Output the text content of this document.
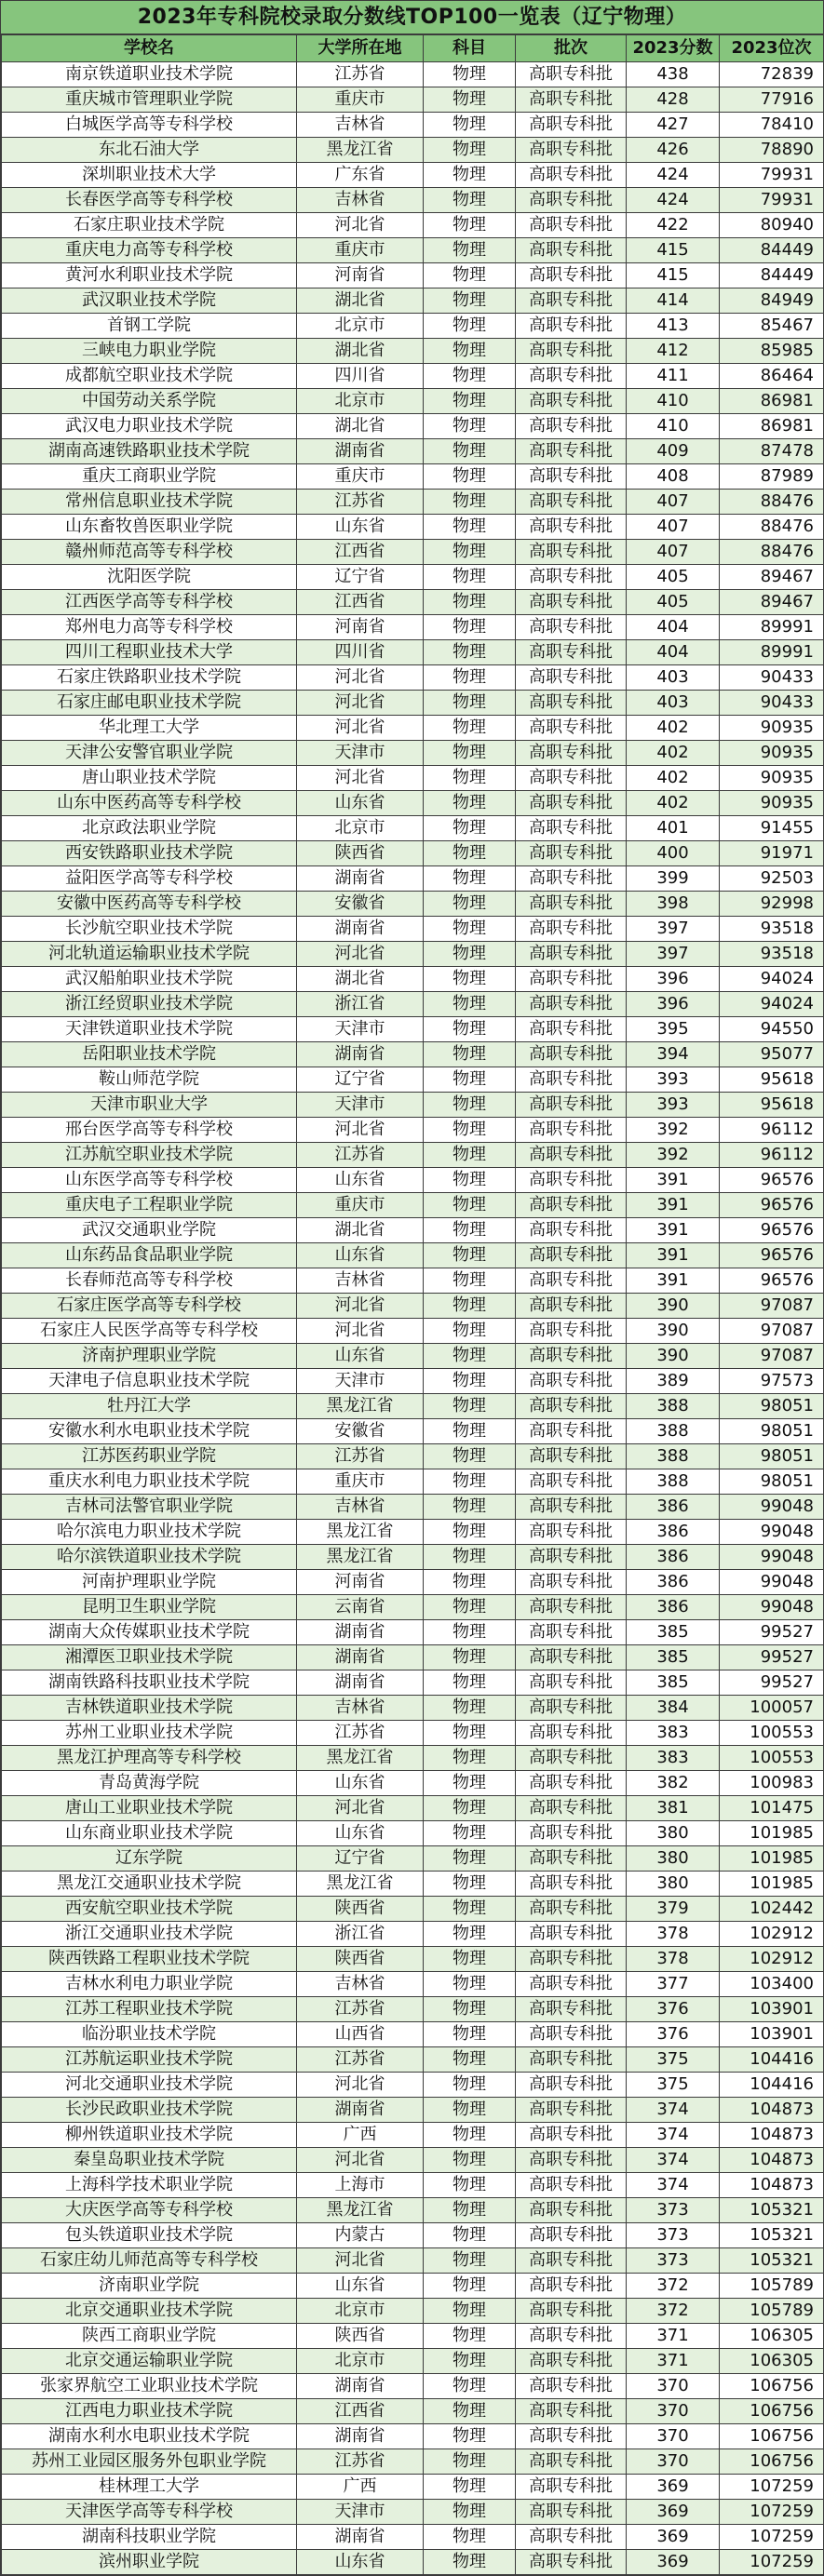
2023年专科院校录取分数线TOP100一览表（辽宁物理）
学校名	大学所在地	科目	批次	2023分数	2023位次
南京铁道职业技术学院	江苏省	物理	高职专科批	438	72839
重庆城市管理职业学院	重庆市	物理	高职专科批	428	77916
白城医学高等专科学校	吉林省	物理	高职专科批	427	78410
东北石油大学	黑龙江省	物理	高职专科批	426	78890
深圳职业技术大学	广东省	物理	高职专科批	424	79931
长春医学高等专科学校	吉林省	物理	高职专科批	424	79931
石家庄职业技术学院	河北省	物理	高职专科批	422	80940
重庆电力高等专科学校	重庆市	物理	高职专科批	415	84449
黄河水利职业技术学院	河南省	物理	高职专科批	415	84449
武汉职业技术学院	湖北省	物理	高职专科批	414	84949
首钢工学院	北京市	物理	高职专科批	413	85467
三峡电力职业学院	湖北省	物理	高职专科批	412	85985
成都航空职业技术学院	四川省	物理	高职专科批	411	86464
中国劳动关系学院	北京市	物理	高职专科批	410	86981
武汉电力职业技术学院	湖北省	物理	高职专科批	410	86981
湖南高速铁路职业技术学院	湖南省	物理	高职专科批	409	87478
重庆工商职业学院	重庆市	物理	高职专科批	408	87989
常州信息职业技术学院	江苏省	物理	高职专科批	407	88476
山东畜牧兽医职业学院	山东省	物理	高职专科批	407	88476
赣州师范高等专科学校	江西省	物理	高职专科批	407	88476
沈阳医学院	辽宁省	物理	高职专科批	405	89467
江西医学高等专科学校	江西省	物理	高职专科批	405	89467
郑州电力高等专科学校	河南省	物理	高职专科批	404	89991
四川工程职业技术大学	四川省	物理	高职专科批	404	89991
石家庄铁路职业技术学院	河北省	物理	高职专科批	403	90433
石家庄邮电职业技术学院	河北省	物理	高职专科批	403	90433
华北理工大学	河北省	物理	高职专科批	402	90935
天津公安警官职业学院	天津市	物理	高职专科批	402	90935
唐山职业技术学院	河北省	物理	高职专科批	402	90935
山东中医药高等专科学校	山东省	物理	高职专科批	402	90935
北京政法职业学院	北京市	物理	高职专科批	401	91455
西安铁路职业技术学院	陕西省	物理	高职专科批	400	91971
益阳医学高等专科学校	湖南省	物理	高职专科批	399	92503
安徽中医药高等专科学校	安徽省	物理	高职专科批	398	92998
长沙航空职业技术学院	湖南省	物理	高职专科批	397	93518
河北轨道运输职业技术学院	河北省	物理	高职专科批	397	93518
武汉船舶职业技术学院	湖北省	物理	高职专科批	396	94024
浙江经贸职业技术学院	浙江省	物理	高职专科批	396	94024
天津铁道职业技术学院	天津市	物理	高职专科批	395	94550
岳阳职业技术学院	湖南省	物理	高职专科批	394	95077
鞍山师范学院	辽宁省	物理	高职专科批	393	95618
天津市职业大学	天津市	物理	高职专科批	393	95618
邢台医学高等专科学校	河北省	物理	高职专科批	392	96112
江苏航空职业技术学院	江苏省	物理	高职专科批	392	96112
山东医学高等专科学校	山东省	物理	高职专科批	391	96576
重庆电子工程职业学院	重庆市	物理	高职专科批	391	96576
武汉交通职业学院	湖北省	物理	高职专科批	391	96576
山东药品食品职业学院	山东省	物理	高职专科批	391	96576
长春师范高等专科学校	吉林省	物理	高职专科批	391	96576
石家庄医学高等专科学校	河北省	物理	高职专科批	390	97087
石家庄人民医学高等专科学校	河北省	物理	高职专科批	390	97087
济南护理职业学院	山东省	物理	高职专科批	390	97087
天津电子信息职业技术学院	天津市	物理	高职专科批	389	97573
牡丹江大学	黑龙江省	物理	高职专科批	388	98051
安徽水利水电职业技术学院	安徽省	物理	高职专科批	388	98051
江苏医药职业学院	江苏省	物理	高职专科批	388	98051
重庆水利电力职业技术学院	重庆市	物理	高职专科批	388	98051
吉林司法警官职业学院	吉林省	物理	高职专科批	386	99048
哈尔滨电力职业技术学院	黑龙江省	物理	高职专科批	386	99048
哈尔滨铁道职业技术学院	黑龙江省	物理	高职专科批	386	99048
河南护理职业学院	河南省	物理	高职专科批	386	99048
昆明卫生职业学院	云南省	物理	高职专科批	386	99048
湖南大众传媒职业技术学院	湖南省	物理	高职专科批	385	99527
湘潭医卫职业技术学院	湖南省	物理	高职专科批	385	99527
湖南铁路科技职业技术学院	湖南省	物理	高职专科批	385	99527
吉林铁道职业技术学院	吉林省	物理	高职专科批	384	100057
苏州工业职业技术学院	江苏省	物理	高职专科批	383	100553
黑龙江护理高等专科学校	黑龙江省	物理	高职专科批	383	100553
青岛黄海学院	山东省	物理	高职专科批	382	100983
唐山工业职业技术学院	河北省	物理	高职专科批	381	101475
山东商业职业技术学院	山东省	物理	高职专科批	380	101985
辽东学院	辽宁省	物理	高职专科批	380	101985
黑龙江交通职业技术学院	黑龙江省	物理	高职专科批	380	101985
西安航空职业技术学院	陕西省	物理	高职专科批	379	102442
浙江交通职业技术学院	浙江省	物理	高职专科批	378	102912
陕西铁路工程职业技术学院	陕西省	物理	高职专科批	378	102912
吉林水利电力职业学院	吉林省	物理	高职专科批	377	103400
江苏工程职业技术学院	江苏省	物理	高职专科批	376	103901
临汾职业技术学院	山西省	物理	高职专科批	376	103901
江苏航运职业技术学院	江苏省	物理	高职专科批	375	104416
河北交通职业技术学院	河北省	物理	高职专科批	375	104416
长沙民政职业技术学院	湖南省	物理	高职专科批	374	104873
柳州铁道职业技术学院	广西	物理	高职专科批	374	104873
秦皇岛职业技术学院	河北省	物理	高职专科批	374	104873
上海科学技术职业学院	上海市	物理	高职专科批	374	104873
大庆医学高等专科学校	黑龙江省	物理	高职专科批	373	105321
包头铁道职业技术学院	内蒙古	物理	高职专科批	373	105321
石家庄幼儿师范高等专科学校	河北省	物理	高职专科批	373	105321
济南职业学院	山东省	物理	高职专科批	372	105789
北京交通职业技术学院	北京市	物理	高职专科批	372	105789
陕西工商职业学院	陕西省	物理	高职专科批	371	106305
北京交通运输职业学院	北京市	物理	高职专科批	371	106305
张家界航空工业职业技术学院	湖南省	物理	高职专科批	370	106756
江西电力职业技术学院	江西省	物理	高职专科批	370	106756
湖南水利水电职业技术学院	湖南省	物理	高职专科批	370	106756
苏州工业园区服务外包职业学院	江苏省	物理	高职专科批	370	106756
桂林理工大学	广西	物理	高职专科批	369	107259
天津医学高等专科学校	天津市	物理	高职专科批	369	107259
湖南科技职业学院	湖南省	物理	高职专科批	369	107259
滨州职业学院	山东省	物理	高职专科批	369	107259
